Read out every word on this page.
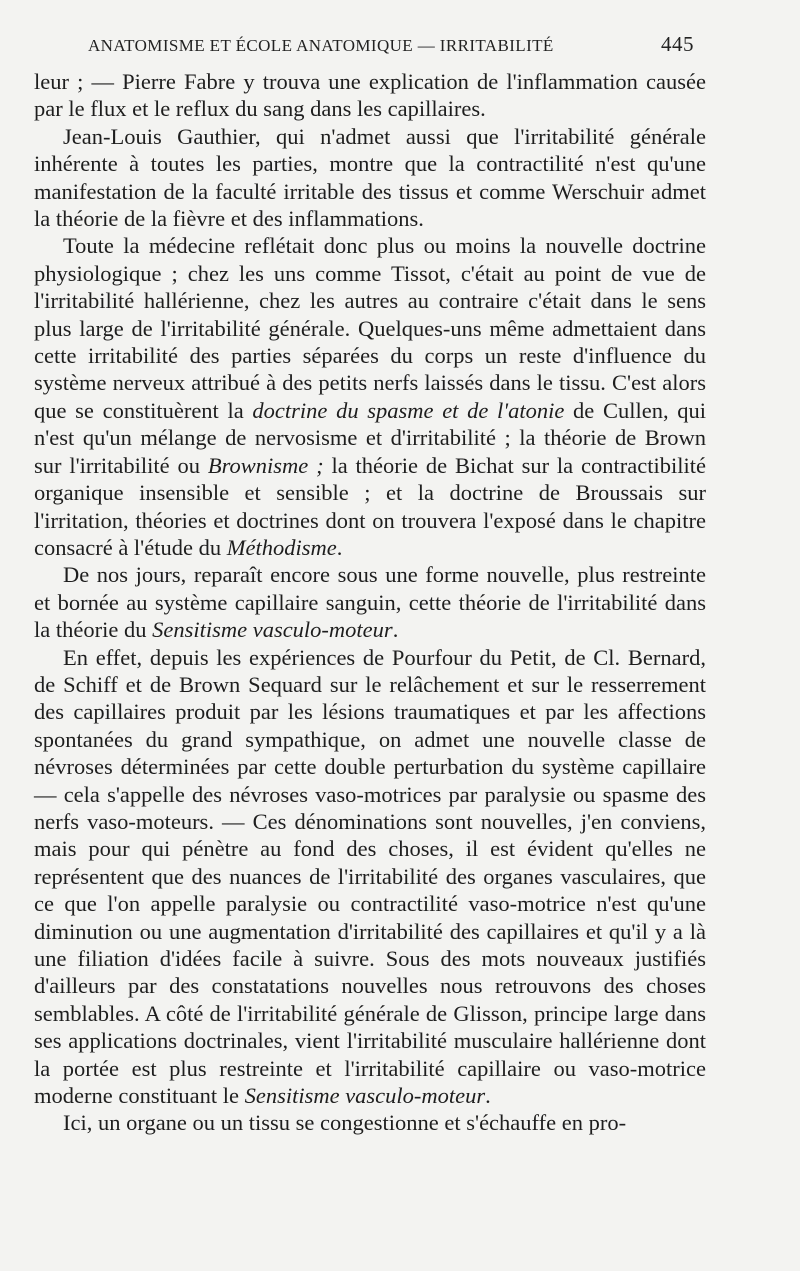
ANATOMISME ET ÉCOLE ANATOMIQUE — IRRITABILITÉ	445

leur ; — Pierre Fabre y trouva une explication de l'inflammation causée par le flux et le reflux du sang dans les capillaires.

Jean-Louis Gauthier, qui n'admet aussi que l'irritabilité générale inhérente à toutes les parties, montre que la contractilité n'est qu'une manifestation de la faculté irritable des tissus et comme Werschuir admet la théorie de la fièvre et des inflammations.

Toute la médecine reflétait donc plus ou moins la nouvelle doctrine physiologique ; chez les uns comme Tissot, c'était au point de vue de l'irritabilité hallérienne, chez les autres au contraire c'était dans le sens plus large de l'irritabilité générale. Quelques-uns même admettaient dans cette irritabilité des parties séparées du corps un reste d'influence du système nerveux attribué à des petits nerfs laissés dans le tissu. C'est alors que se constituèrent la doctrine du spasme et de l'atonie de Cullen, qui n'est qu'un mélange de nervosisme et d'irritabilité ; la théorie de Brown sur l'irritabilité ou Brownisme ; la théorie de Bichat sur la contractibilité organique insensible et sensible ; et la doctrine de Broussais sur l'irritation, théories et doctrines dont on trouvera l'exposé dans le chapitre consacré à l'étude du Méthodisme.

De nos jours, reparaît encore sous une forme nouvelle, plus restreinte et bornée au système capillaire sanguin, cette théorie de l'irritabilité dans la théorie du Sensitisme vasculo-moteur.

En effet, depuis les expériences de Pourfour du Petit, de Cl. Bernard, de Schiff et de Brown Sequard sur le relâchement et sur le resserrement des capillaires produit par les lésions traumatiques et par les affections spontanées du grand sympathique, on admet une nouvelle classe de névroses déterminées par cette double perturbation du système capillaire — cela s'appelle des névroses vaso-motrices par paralysie ou spasme des nerfs vaso-moteurs. — Ces dénominations sont nouvelles, j'en conviens, mais pour qui pénètre au fond des choses, il est évident qu'elles ne représentent que des nuances de l'irritabilité des organes vasculaires, que ce que l'on appelle paralysie ou contractilité vaso-motrice n'est qu'une diminution ou une augmentation d'irritabilité des capillaires et qu'il y a là une filiation d'idées facile à suivre. Sous des mots nouveaux justifiés d'ailleurs par des constatations nouvelles nous retrouvons des choses semblables. A côté de l'irritabilité générale de Glisson, principe large dans ses applications doctrinales, vient l'irritabilité musculaire hallérienne dont la portée est plus restreinte et l'irritabilité capillaire ou vaso-motrice moderne constituant le Sensitisme vasculo-moteur.

Ici, un organe ou un tissu se congestionne et s'échauffe en pro-
